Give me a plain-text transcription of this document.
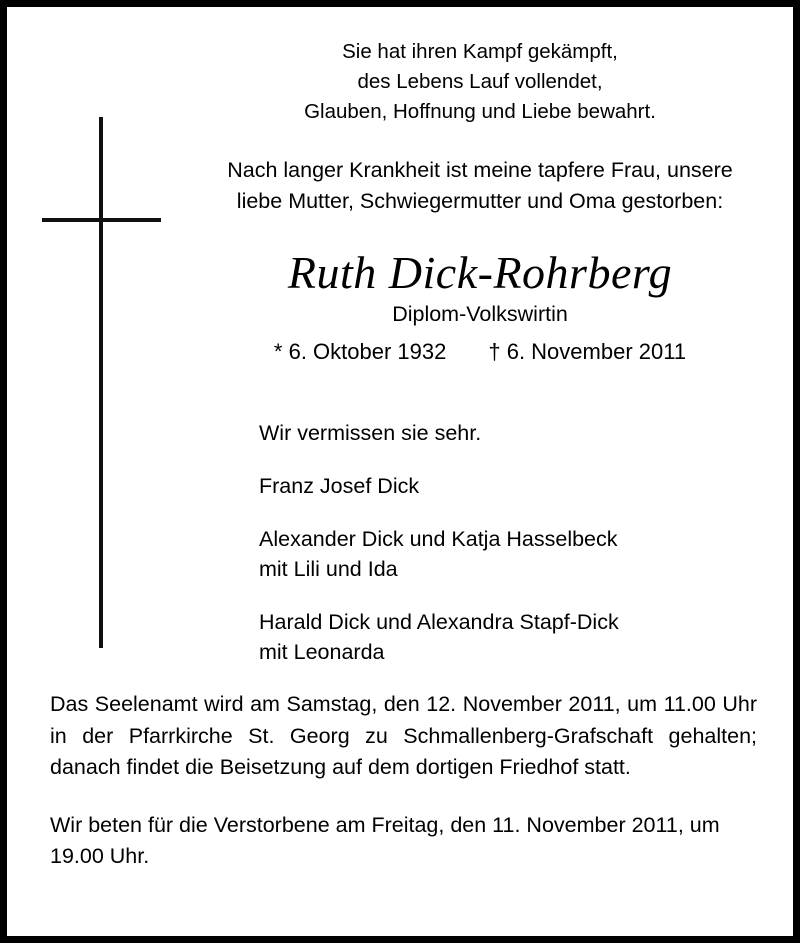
Sie hat ihren Kampf gekämpft,
des Lebens Lauf vollendet,
Glauben, Hoffnung und Liebe bewahrt.
Nach langer Krankheit ist meine tapfere Frau, unsere
liebe Mutter, Schwiegermutter und Oma gestorben:
Ruth Dick-Rohrberg
Diplom-Volkswirtin
* 6. Oktober 1932 † 6. November 2011
Wir vermissen sie sehr.
Franz Josef Dick
Alexander Dick und Katja Hasselbeck
mit Lili und Ida
Harald Dick und Alexandra Stapf-Dick
mit Leonarda
Das Seelenamt wird am Samstag, den 12. November 2011, um 11.00 Uhr in der Pfarrkirche St. Georg zu Schmallenberg-Grafschaft gehalten; danach findet die Beisetzung auf dem dortigen Friedhof statt.
Wir beten für die Verstorbene am Freitag, den 11. November 2011, um 19.00 Uhr.
